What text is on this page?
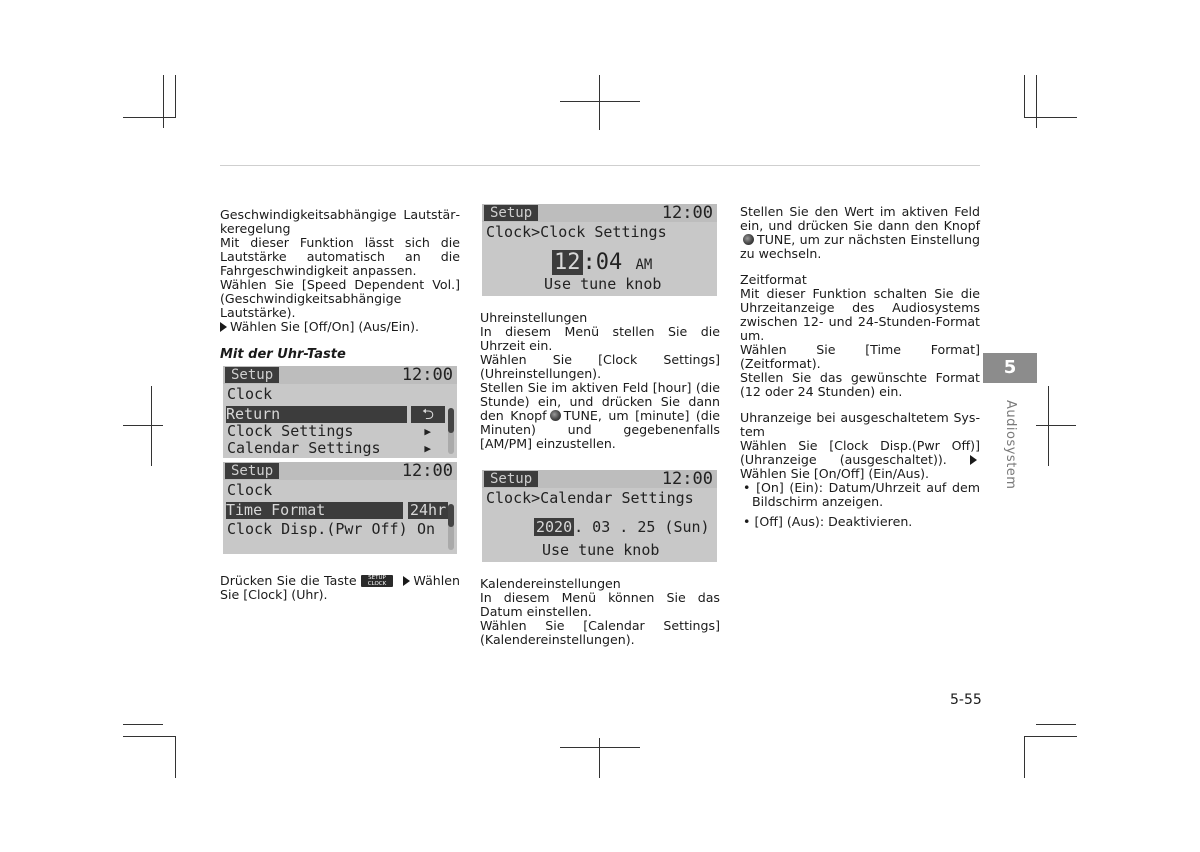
Geschwindigkeitsabhängige Lautstärkeregelung

Mit dieser Funktion lässt sich die Lautstärke automatisch an die Fahrgeschwindigkeit anpassen.

Wählen Sie [Speed Dependent Vol.] (Geschwindigkeitsabhängige Lautstärke).

Wählen Sie [Off/On] (Aus/Ein).

Mit der Uhr-Taste

Setup	12:00
Clock
Return	⮌
Clock Settings	▶
Calendar Settings	▶
Setup	12:00
Clock
Time Format	24hr
Clock Disp.(Pwr Off) On

Drücken Sie die Taste SETUP
CLOCK Wählen Sie [Clock] (Uhr).

Setup	12:00
Clock>Clock Settings
12:04 AM
Use tune knob

Uhreinstellungen

In diesem Menü stellen Sie die Uhrzeit ein.

Wählen Sie [Clock Settings] (Uhreinstellungen).

Stellen Sie im aktiven Feld [hour] (die Stunde) ein, und drücken Sie dann den Knopf TUNE, um [minute] (die Minuten) und gegebenenfalls [AM/PM] einzustellen.

Setup	12:00
Clock>Calendar Settings
2020 . 03 . 25 (Sun)
Use tune knob

Kalendereinstellungen

In diesem Menü können Sie das Datum einstellen.

Wählen Sie [Calendar Settings] (Kalendereinstellungen).

Stellen Sie den Wert im aktiven Feld ein, und drücken Sie dann den KnopfTUNE, um zur nächsten Einstellung zu wechseln.

Zeitformat

Mit dieser Funktion schalten Sie die Uhrzeitanzeige des Audiosystems zwischen 12- und 24-Stunden-Format um.

Wählen Sie [Time Format] (Zeitformat).

Stellen Sie das gewünschte Format (12 oder 24 Stunden) ein.

Uhranzeige bei ausgeschaltetem System

Wählen Sie [Clock Disp.(Pwr Off)] (Uhranzeige (ausgeschaltet)). Wählen Sie [On/Off] (Ein/Aus).

• [On] (Ein): Datum/Uhrzeit auf dem Bildschirm anzeigen.

• [Off] (Aus): Deaktivieren.

5
Audiosystem
5-55
